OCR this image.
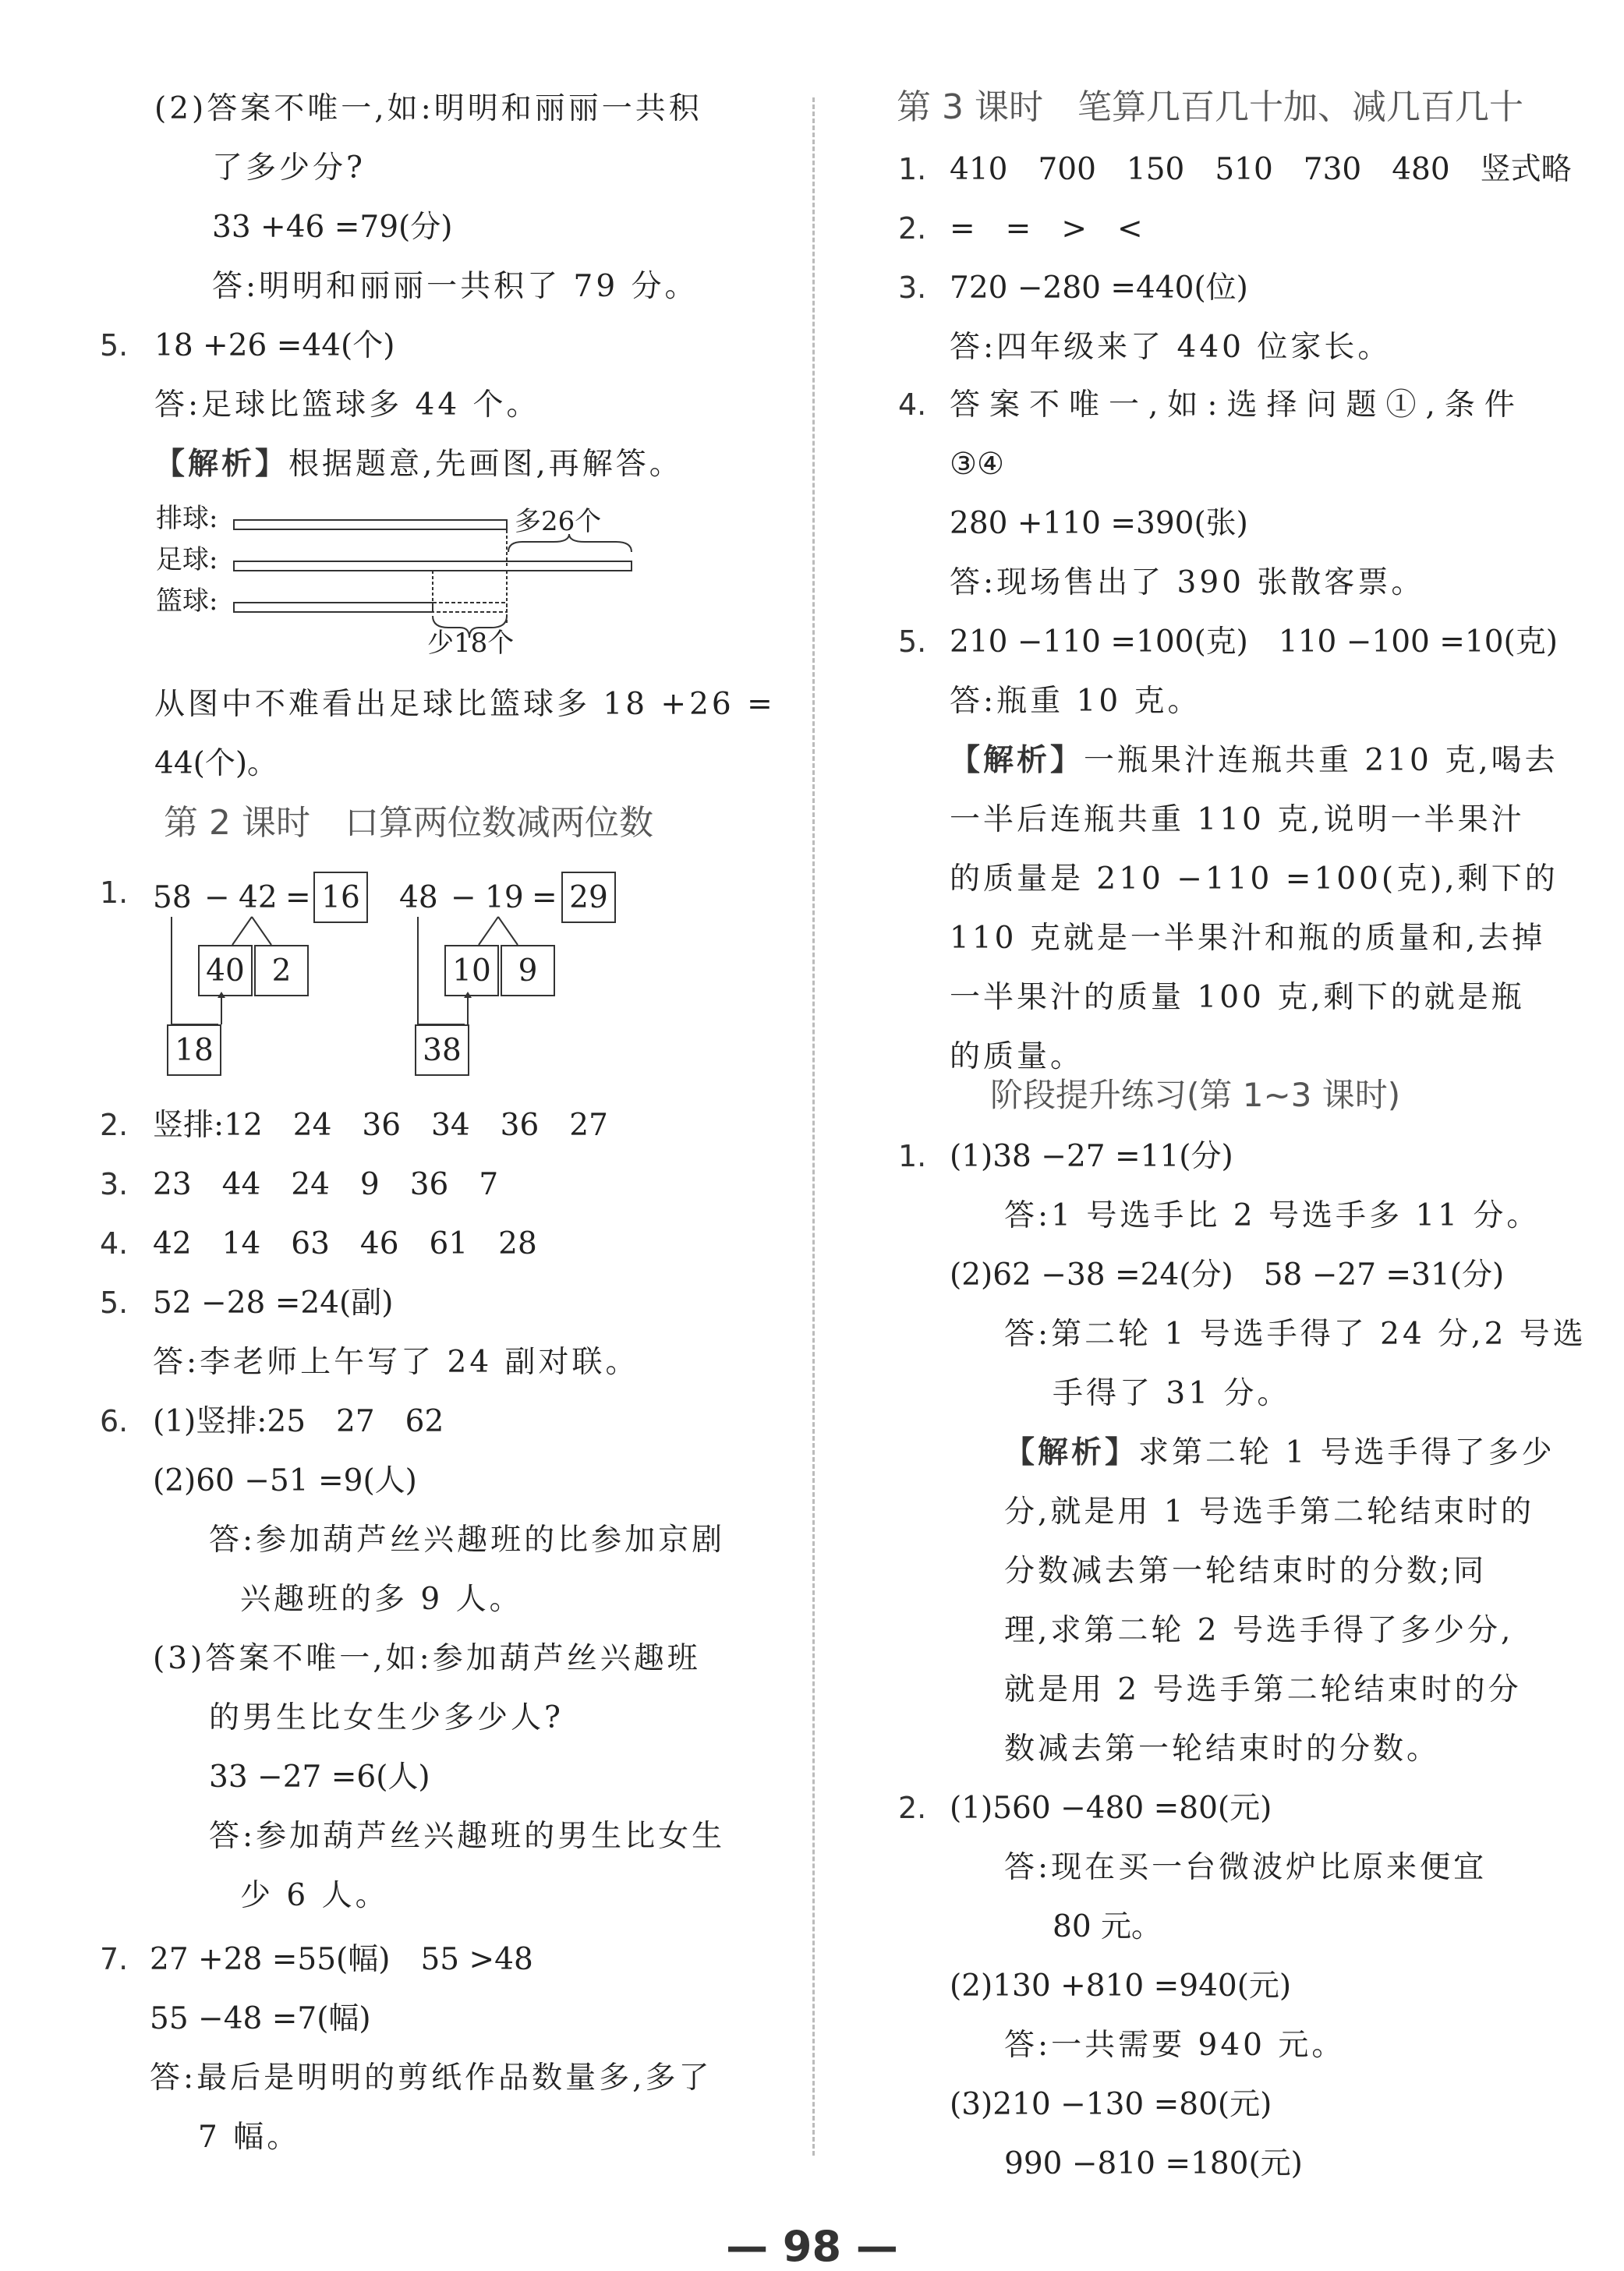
(2)答案不唯一,如:明明和丽丽一共积
了多少分?
33 +46 =79(分)
答:明明和丽丽一共积了 79 分。
5. 18 +26 =44(个)
答:足球比篮球多 44 个。
【解析】根据题意,先画图,再解答。
排球:
足球:
篮球:
多26个
少18个
从图中不难看出足球比篮球多 18 +26 =
44(个)。
第 2 课时　口算两位数减两位数
1. 58 − 42 = 16
40 2
18
48 − 19 = 29
10 9
38
2. 竖排:12　24　36　34　36　27
3. 23　44　24　9　36　7
4. 42　14　63　46　61　28
5. 52 −28 =24(副)
答:李老师上午写了 24 副对联。
6. (1)竖排:25　27　62
(2)60 −51 =9(人)
答:参加葫芦丝兴趣班的比参加京剧
兴趣班的多 9 人。
(3)答案不唯一,如:参加葫芦丝兴趣班
的男生比女生少多少人?
33 −27 =6(人)
答:参加葫芦丝兴趣班的男生比女生
少 6 人。
7. 27 +28 =55(幅)　55 >48
55 −48 =7(幅)
答:最后是明明的剪纸作品数量多,多了
7 幅。
第 3 课时　笔算几百几十加、减几百几十
1. 410　700　150　510　730　480　竖式略
2. =　=　>　<
3. 720 −280 =440(位)
答:四年级来了 440 位家长。
4. 答案不唯一,如:选择问题①,条件
③④
280 +110 =390(张)
答:现场售出了 390 张散客票。
5. 210 −110 =100(克)　110 −100 =10(克)
答:瓶重 10 克。
【解析】一瓶果汁连瓶共重 210 克,喝去
一半后连瓶共重 110 克,说明一半果汁
的质量是 210 −110 =100(克),剩下的
110 克就是一半果汁和瓶的质量和,去掉
一半果汁的质量 100 克,剩下的就是瓶
的质量。
阶段提升练习(第 1~3 课时)
1. (1)38 −27 =11(分)
答:1 号选手比 2 号选手多 11 分。
(2)62 −38 =24(分)　58 −27 =31(分)
答:第二轮 1 号选手得了 24 分,2 号选
手得了 31 分。
【解析】求第二轮 1 号选手得了多少
分,就是用 1 号选手第二轮结束时的
分数减去第一轮结束时的分数;同
理,求第二轮 2 号选手得了多少分,
就是用 2 号选手第二轮结束时的分
数减去第一轮结束时的分数。
2. (1)560 −480 =80(元)
答:现在买一台微波炉比原来便宜
80 元。
(2)130 +810 =940(元)
答:一共需要 940 元。
(3)210 −130 =80(元)
990 −810 =180(元)
— 98 —
